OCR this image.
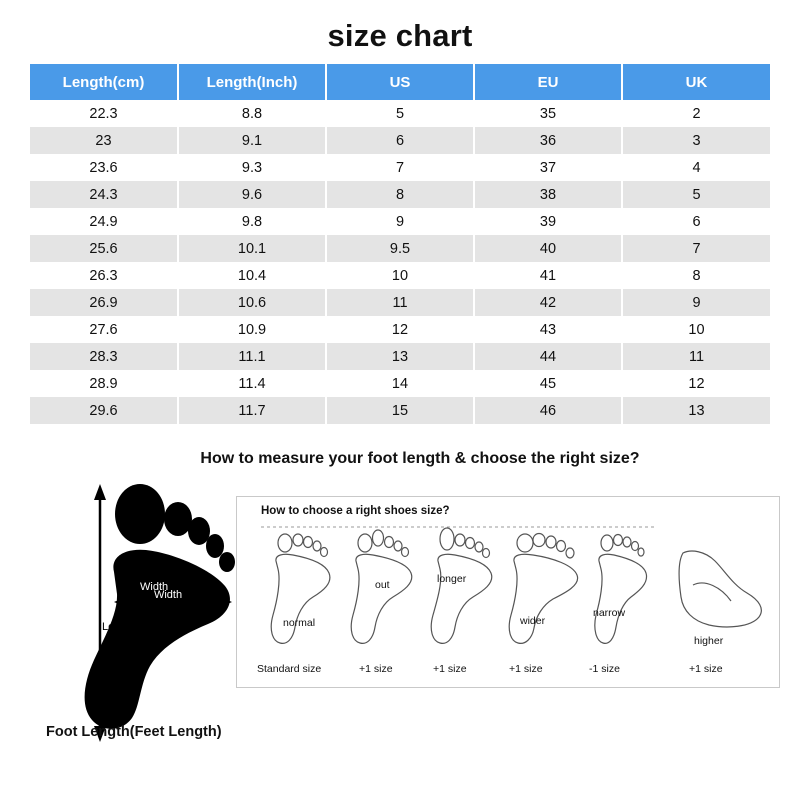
size chart
Length(cm)	Length(Inch)	US	EU	UK
22.3	8.8	5	35	2
23	9.1	6	36	3
23.6	9.3	7	37	4
24.3	9.6	8	38	5
24.9	9.8	9	39	6
25.6	10.1	9.5	40	7
26.3	10.4	10	41	8
26.9	10.6	11	42	9
27.6	10.9	12	43	10
28.3	11.1	13	44	11
28.9	11.4	14	45	12
29.6	11.7	15	46	13
How to measure your foot length & choose the right size?
Width
Length
Width
Length
Foot Length(Feet Length)
How to choose a right shoes size?
normal
out	longer
wider
narrow
higher
Standard size	+1 size	+1 size	+1 size	-1 size	+1 size
